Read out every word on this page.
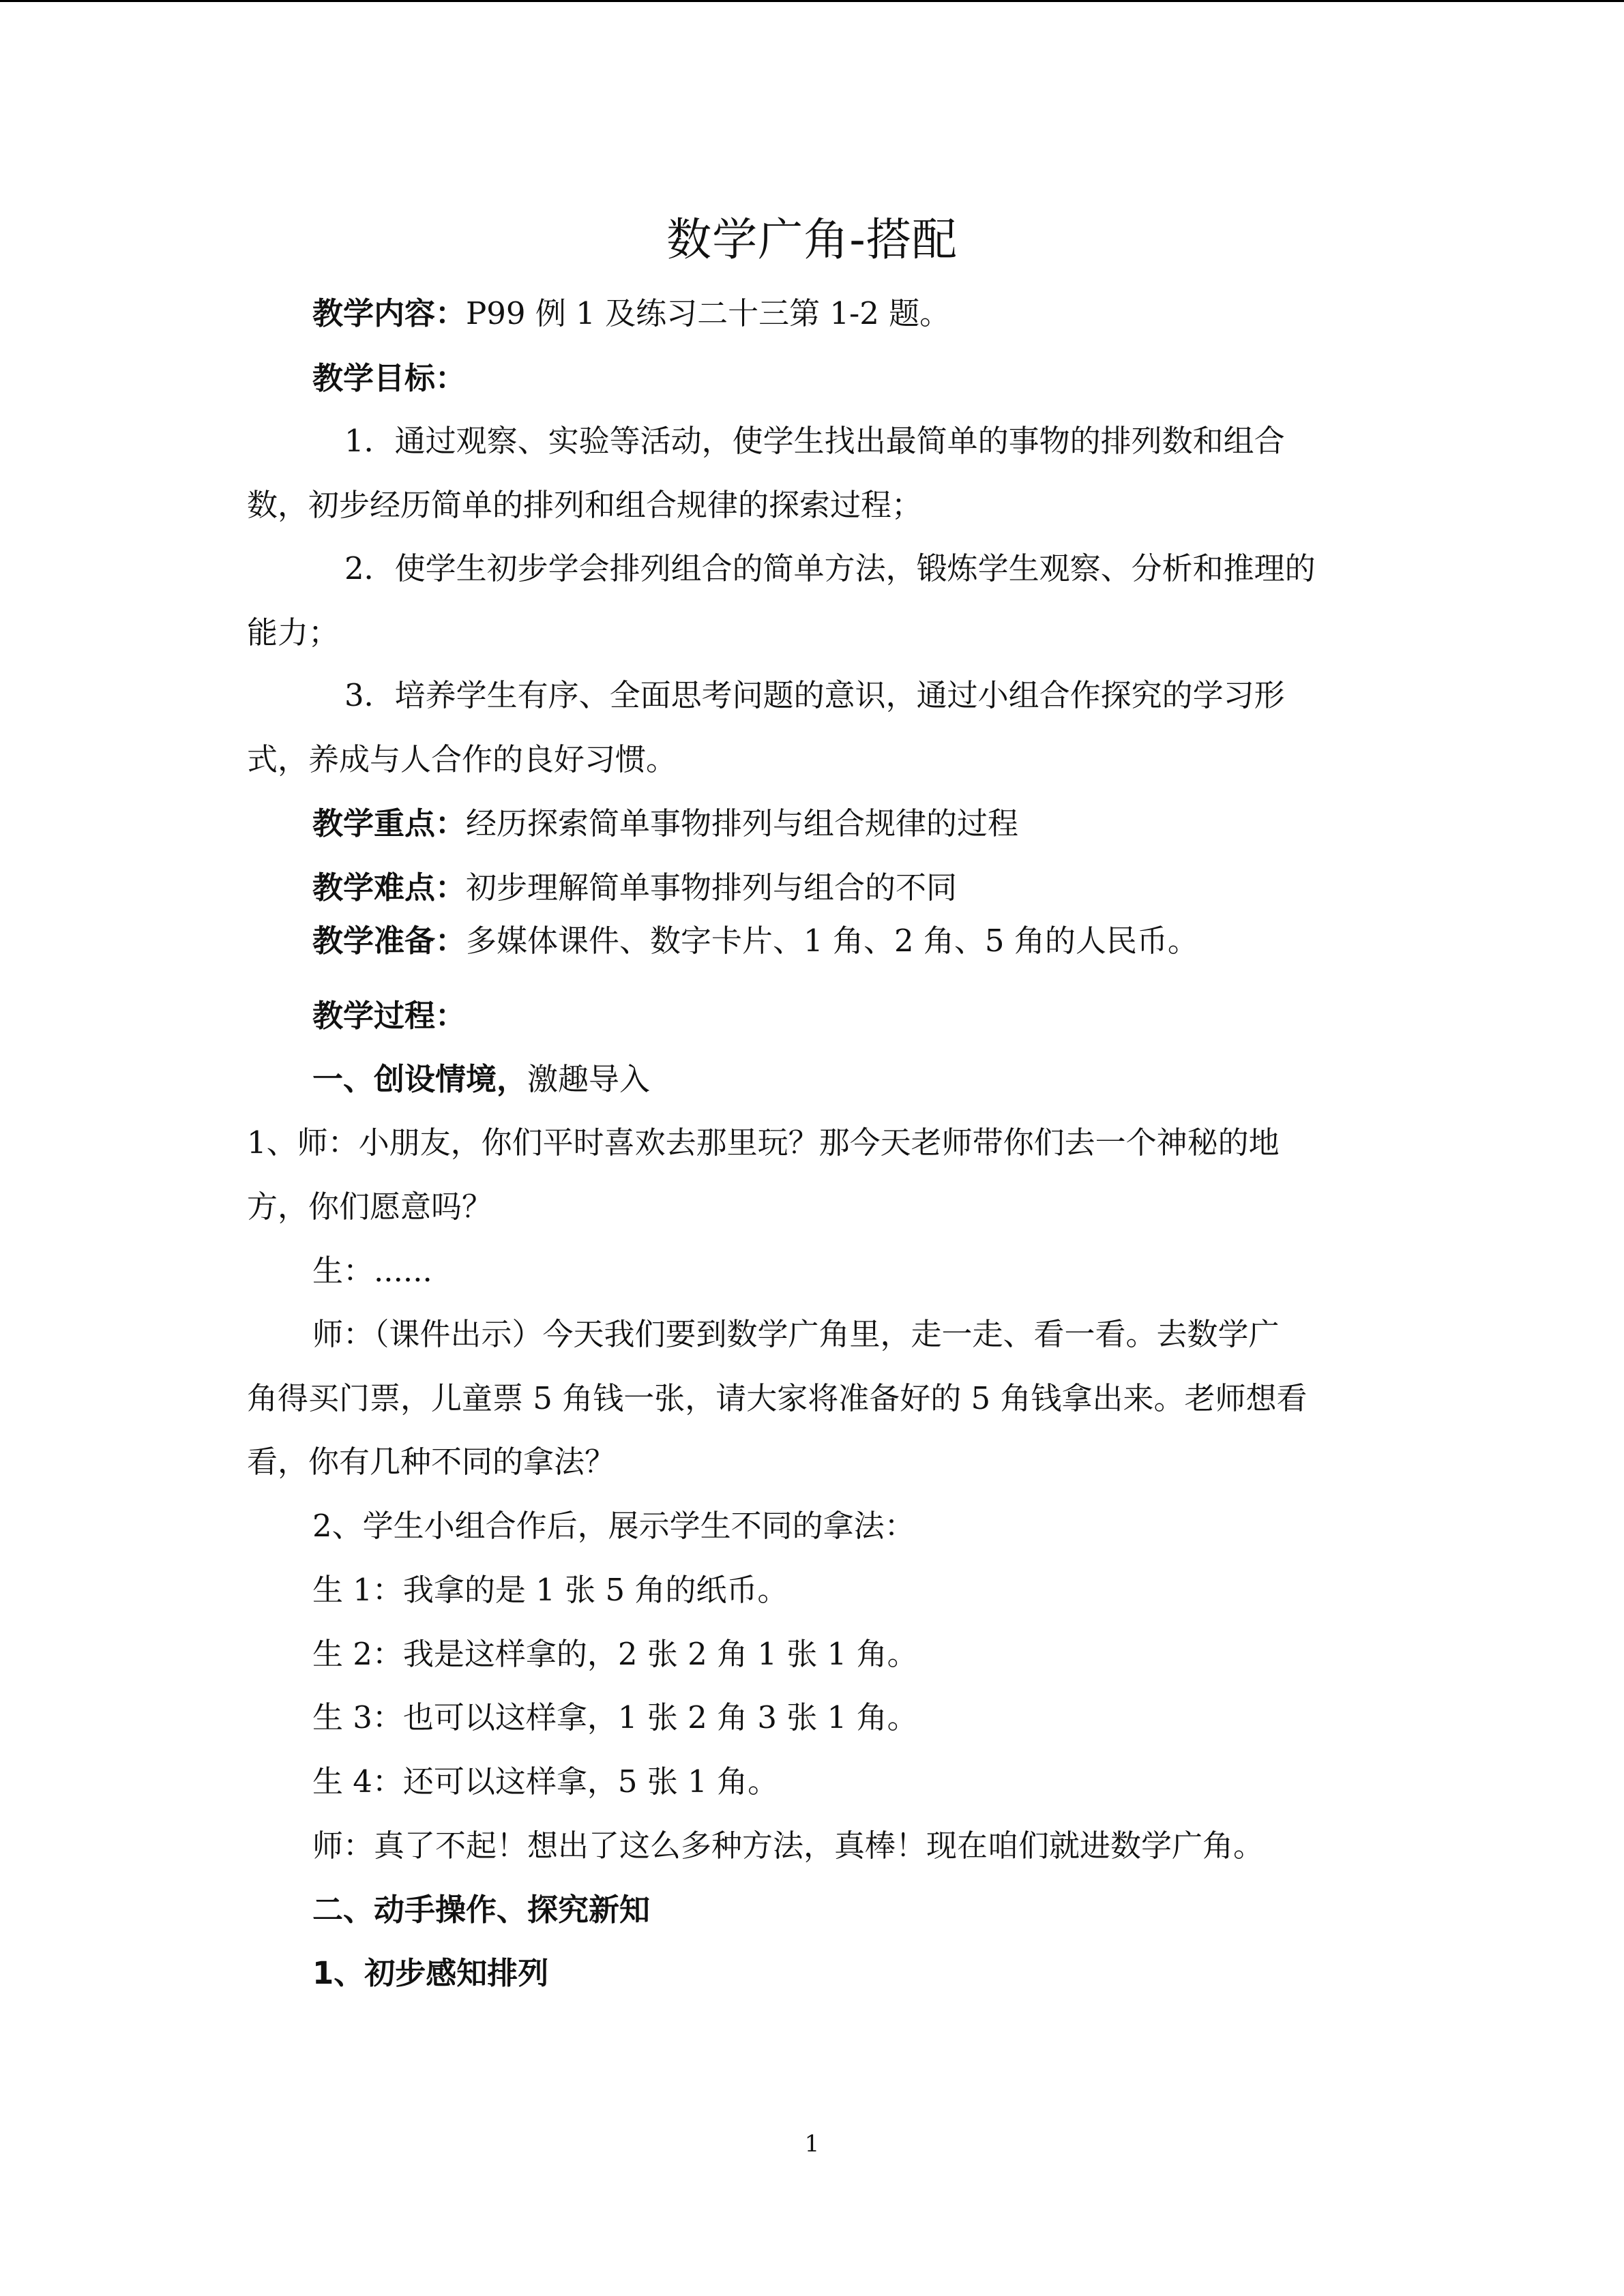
数学广角-搭配
教学内容：P99 例 1 及练习二十三第 1-2 题。
教学目标：
1．通过观察、实验等活动，使学生找出最简单的事物的排列数和组合
数，初步经历简单的排列和组合规律的探索过程；
2．使学生初步学会排列组合的简单方法，锻炼学生观察、分析和推理的
能力；
3．培养学生有序、全面思考问题的意识，通过小组合作探究的学习形
式，养成与人合作的良好习惯。
教学重点：经历探索简单事物排列与组合规律的过程
教学难点：初步理解简单事物排列与组合的不同
教学准备：多媒体课件、数字卡片、1 角、2 角、5 角的人民币。
教学过程：
一、创设情境，激趣导入
1、师：小朋友，你们平时喜欢去那里玩？那今天老师带你们去一个神秘的地
方，你们愿意吗？
生：......
师：（课件出示）今天我们要到数学广角里，走一走、看一看。去数学广
角得买门票，儿童票 5 角钱一张，请大家将准备好的 5 角钱拿出来。老师想看
看，你有几种不同的拿法？
2、学生小组合作后，展示学生不同的拿法：
生 1：我拿的是 1 张 5 角的纸币。
生 2：我是这样拿的，2 张 2 角 1 张 1 角。
生 3：也可以这样拿，1 张 2 角 3 张 1 角。
生 4：还可以这样拿，5 张 1 角。
师：真了不起！想出了这么多种方法，真棒！现在咱们就进数学广角。
二、动手操作、探究新知
1、初步感知排列
1
